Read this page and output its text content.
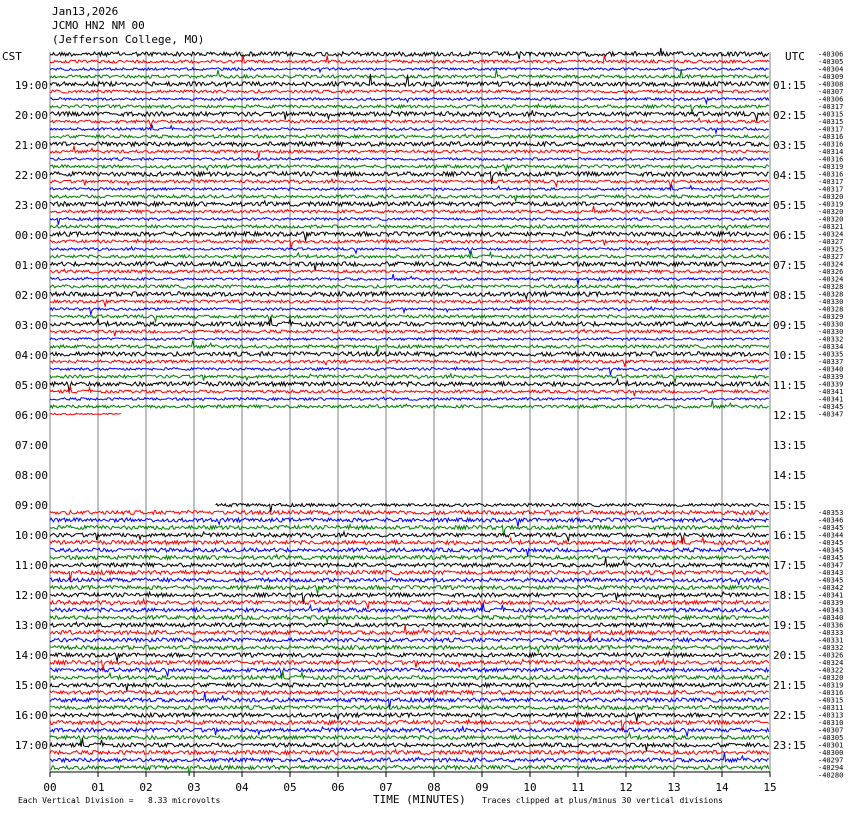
Jan13,2026
JCMO HN2 NM 00
(Jefferson College, MO)
CST	UTC
00	01	02	03	04	05	06	07	08	09	10	11	12	13	14	15
19:00
20:00
21:00
22:00
23:00
00:00
01:00
02:00
03:00
04:00
05:00
06:00
07:00
08:00
09:00
10:00
11:00
12:00
13:00
14:00
15:00
16:00
17:00
01:15
02:15
03:15
04:15
05:15
06:15
07:15
08:15
09:15
10:15
11:15
12:15
13:15
14:15
15:15
16:15
17:15
18:15
19:15
20:15
21:15
22:15
23:15
-40306
-40305
-40304
-40309
-40308
-40307
-40306
-40317
-40315
-40315
-40317
-40316
-40316
-40314
-40316
-40319
-40316
-40317
-40317
-40320
-40319
-40320
-40320
-40321
-40324
-40327
-40325
-40327
-40324
-40326
-40324
-40328
-40328
-40330
-40328
-40329
-40330
-40330
-40332
-40334
-40335
-40337
-40340
-40339
-40339
-40341
-40341
-40345
-40347
-40353
-40346
-40345
-40344
-40345
-40345
-40345
-40347
-40343
-40345
-40342
-40341
-40339
-40343
-40340
-40336
-40333
-40331
-40332
-40326
-40324
-40322
-40320
-40319
-40316
-40315
-40311
-40313
-40310
-40307
-40305
-40301
-40300
-40297
-40294
-40280
Each Vertical Division =   8.33 microvolts	TIME (MINUTES) Traces clipped at plus/minus 30 vertical divisions
